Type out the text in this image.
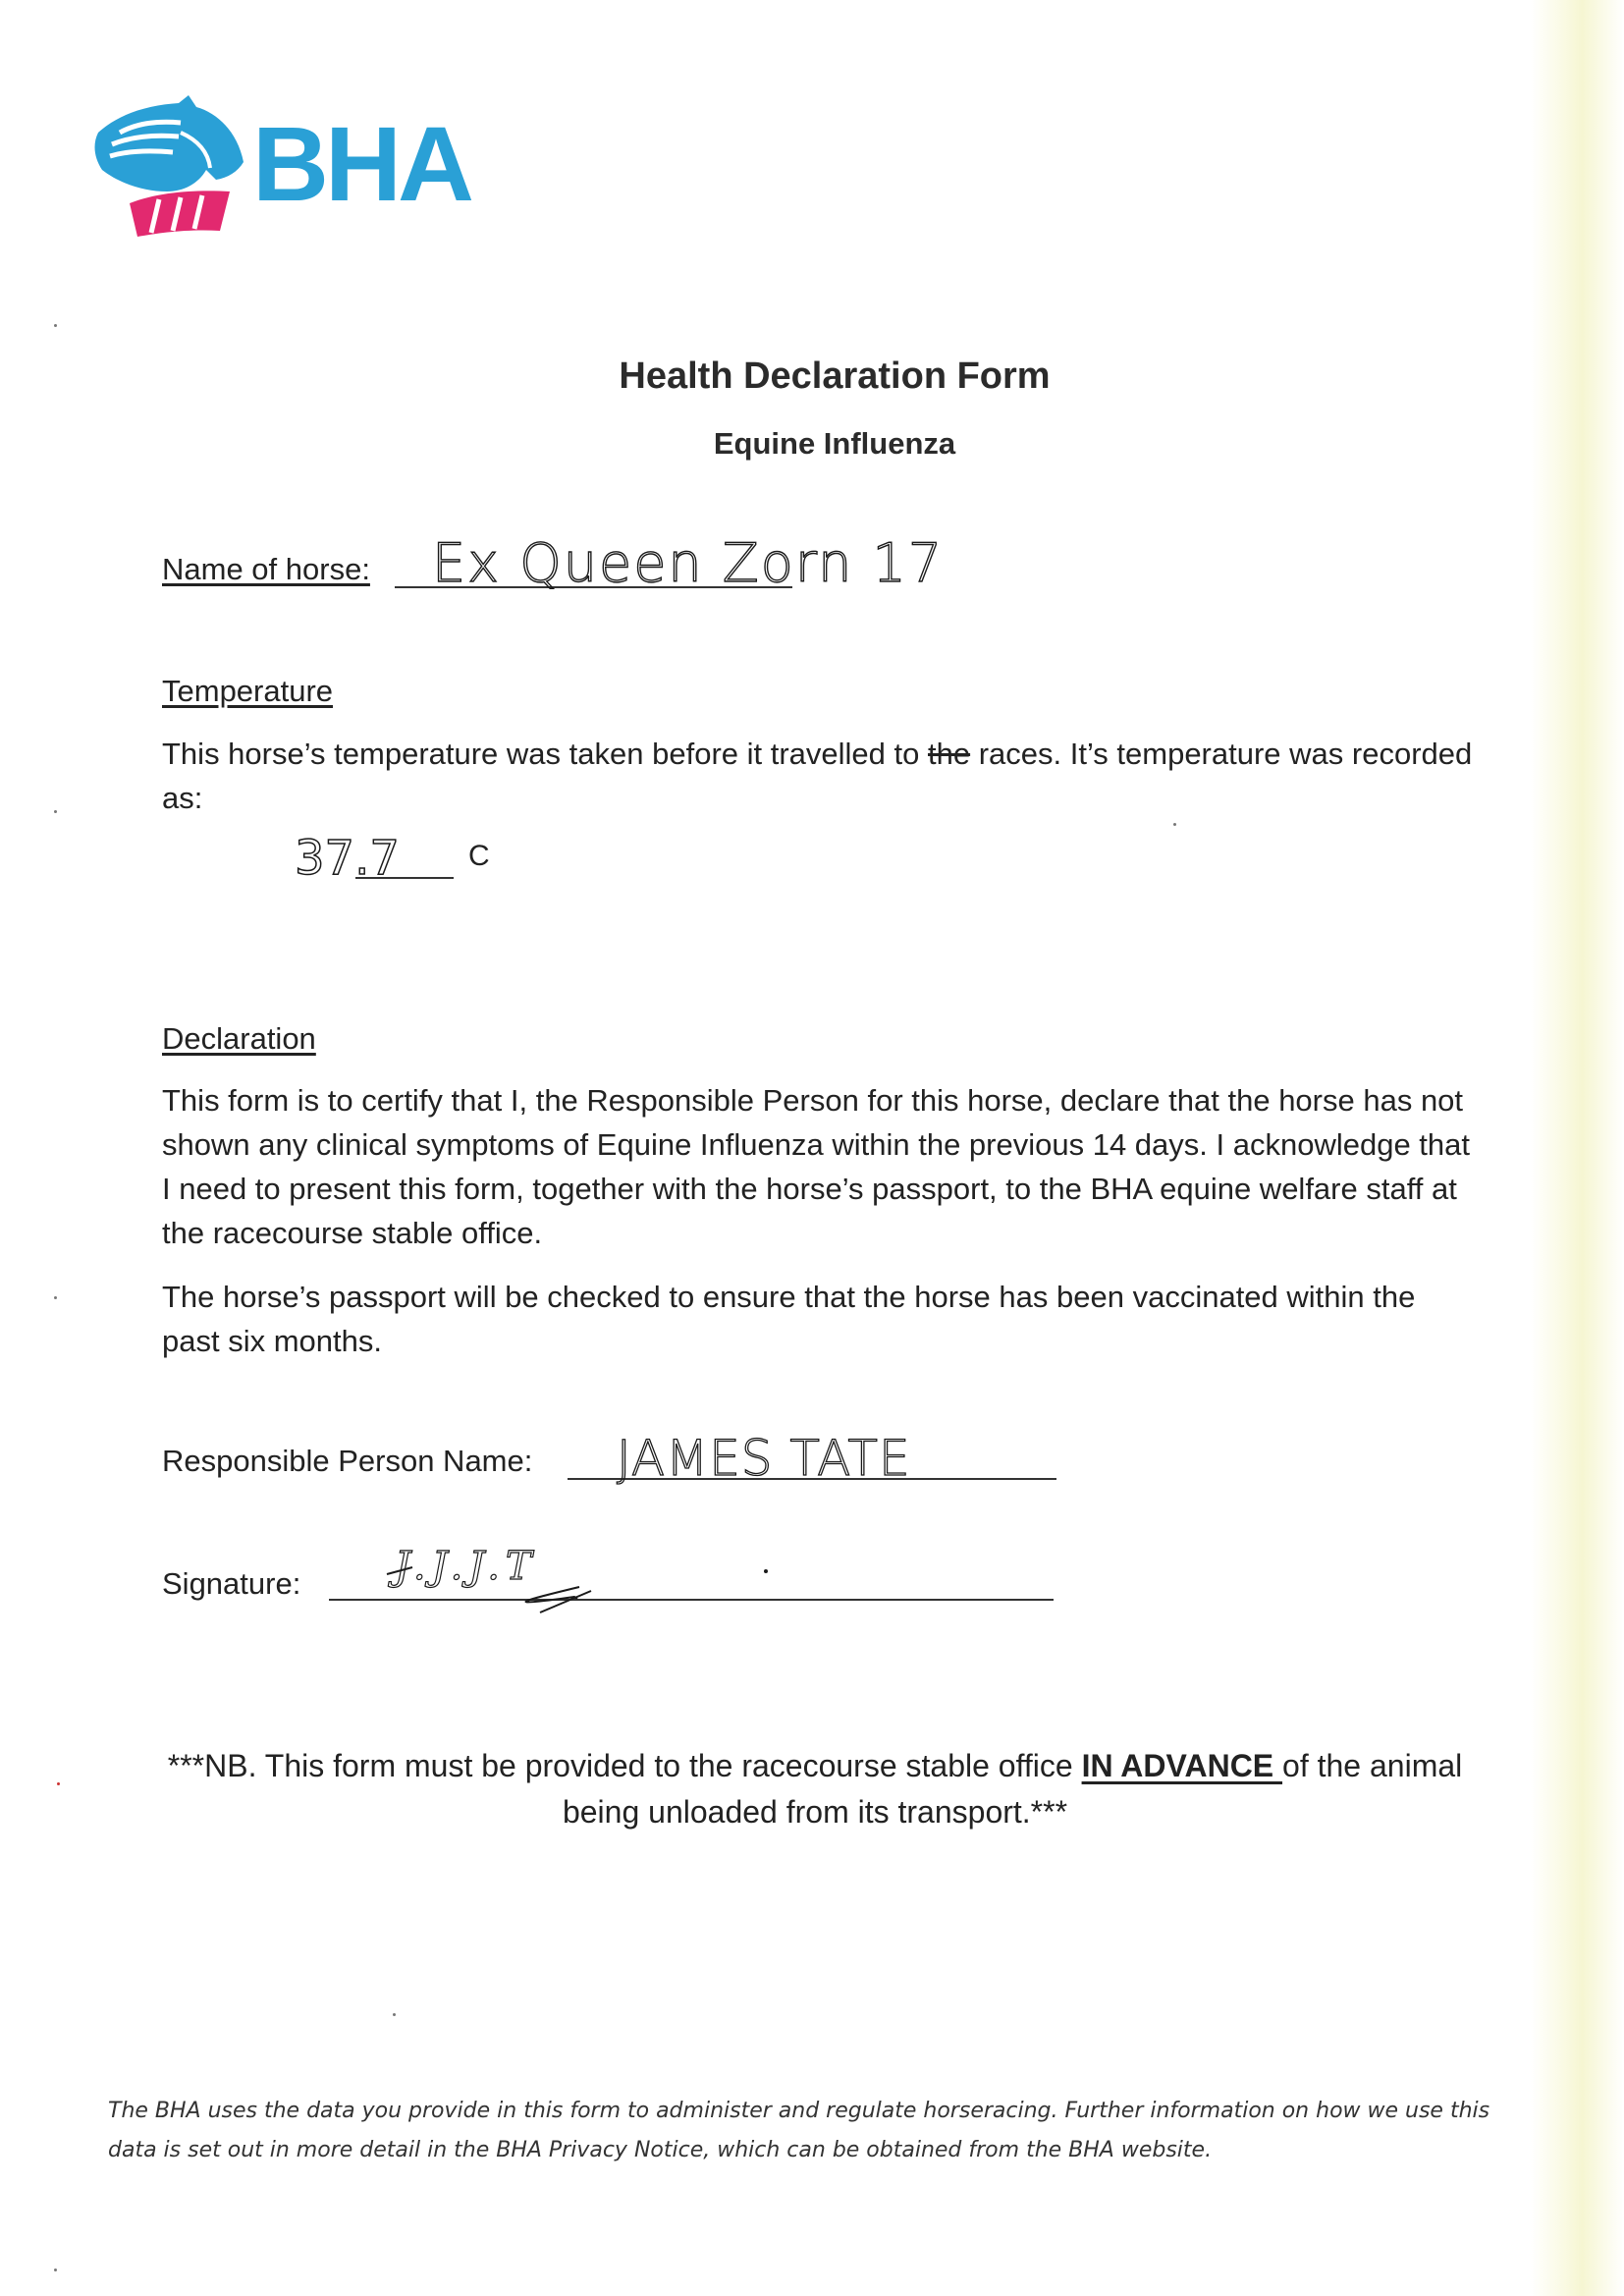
BHA
Health Declaration Form
Equine Influenza
Name of horse: Ex Queen Zorn 17
Temperature

This horse’s temperature was taken before it travelled to the races. It’s temperature was recorded as:

37.7 C
Declaration

This form is to certify that I, the Responsible Person for this horse, declare that the horse has not shown any clinical symptoms of Equine Influenza within the previous 14 days. I acknowledge that I need to present this form, together with the horse’s passport, to the BHA equine welfare staff at the racecourse stable office.

The horse’s passport will be checked to ensure that the horse has been vaccinated within the past six months.

Responsible Person Name: JAMES TATE
Signature: J.J.J.T

***NB. This form must be provided to the racecourse stable office IN ADVANCE of the animal being unloaded from its transport.***

The BHA uses the data you provide in this form to administer and regulate horseracing. Further information on how we use this data is set out in more detail in the BHA Privacy Notice, which can be obtained from the BHA website.
